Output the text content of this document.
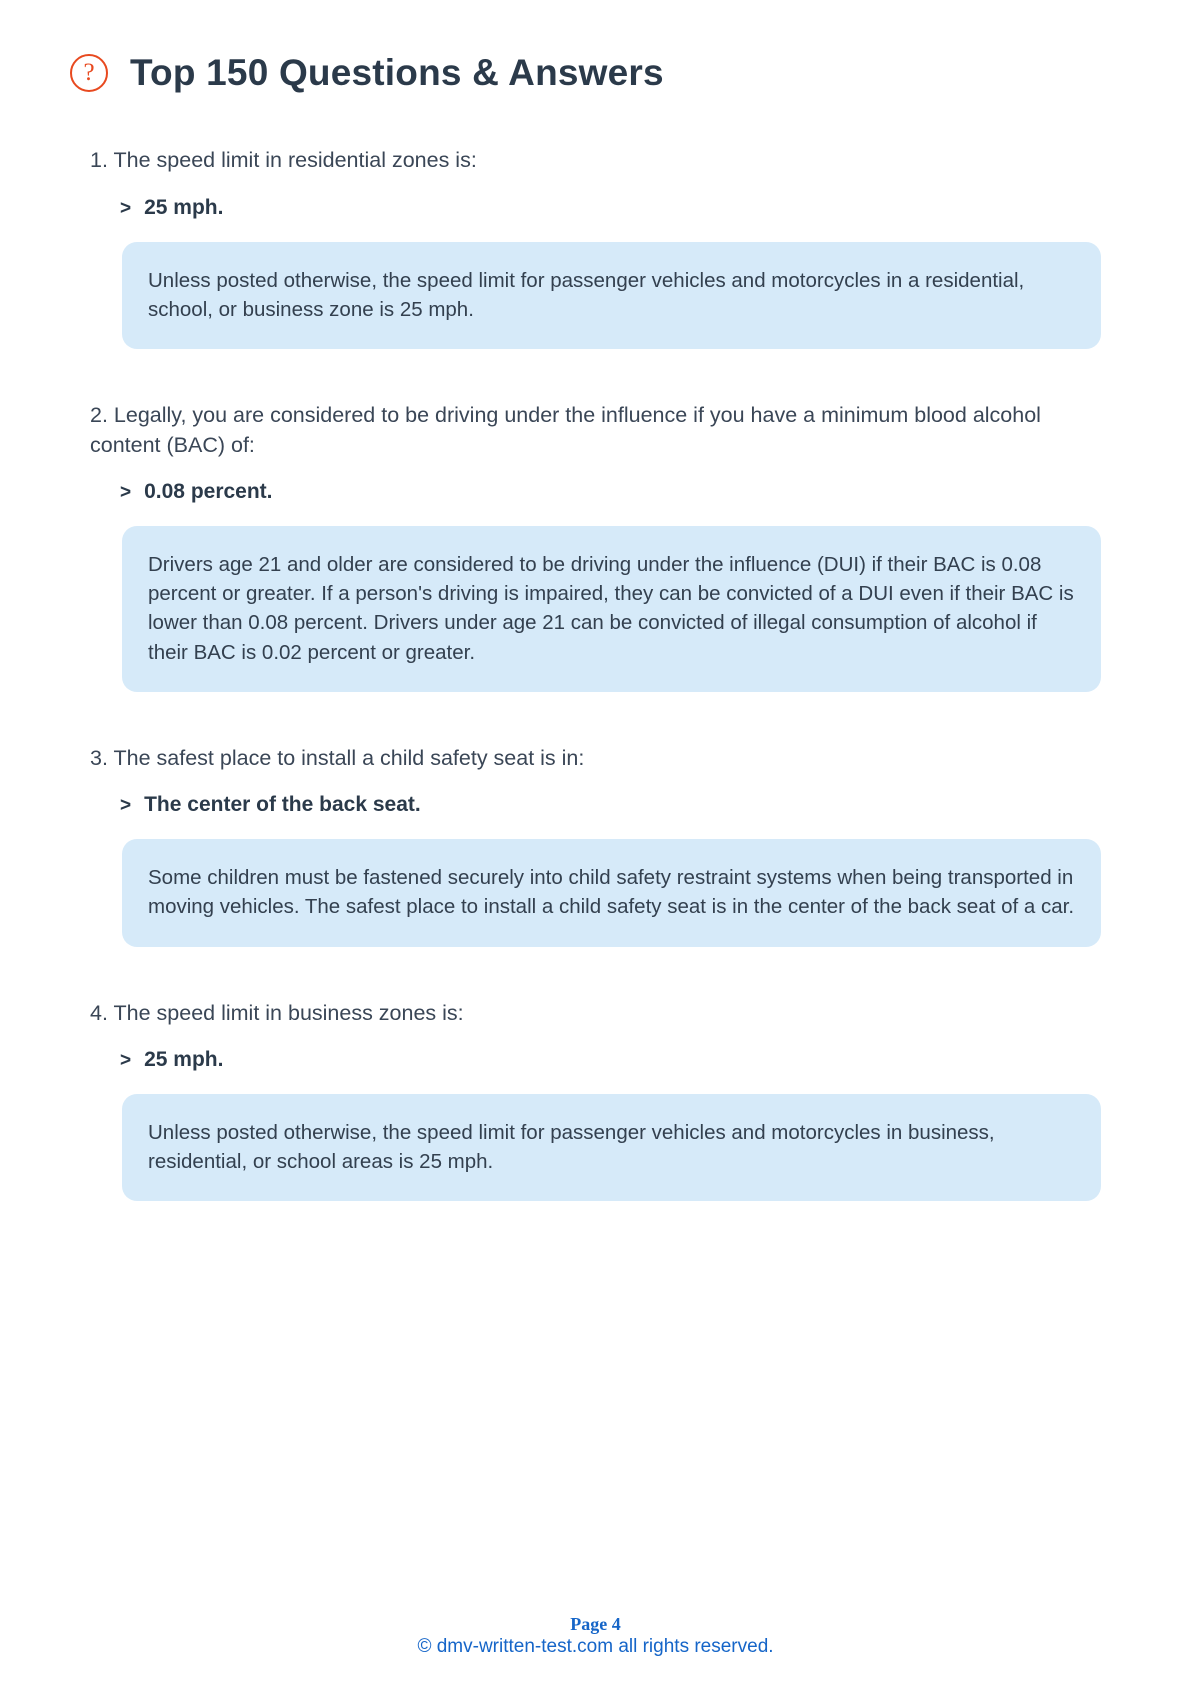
? Top 150 Questions & Answers

1. The speed limit in residential zones is:

> 25 mph.
Unless posted otherwise, the speed limit for passenger vehicles and motorcycles in a residential, school, or business zone is 25 mph.

2. Legally, you are considered to be driving under the influence if you have a minimum blood alcohol content (BAC) of:

> 0.08 percent.
Drivers age 21 and older are considered to be driving under the influence (DUI) if their BAC is 0.08 percent or greater. If a person's driving is impaired, they can be convicted of a DUI even if their BAC is lower than 0.08 percent. Drivers under age 21 can be convicted of illegal consumption of alcohol if their BAC is 0.02 percent or greater.

3. The safest place to install a child safety seat is in:

> The center of the back seat.
Some children must be fastened securely into child safety restraint systems when being transported in moving vehicles. The safest place to install a child safety seat is in the center of the back seat of a car.

4. The speed limit in business zones is:

> 25 mph.
Unless posted otherwise, the speed limit for passenger vehicles and motorcycles in business, residential, or school areas is 25 mph.
Page 4
© dmv-written-test.com all rights reserved.
